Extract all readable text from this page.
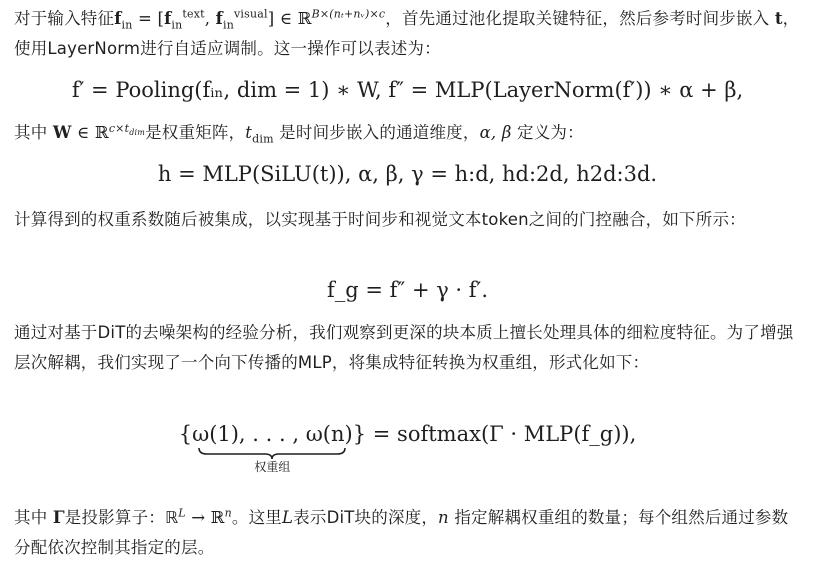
对于输入特征$f_{in} = [f_{in}^{text}$, $f_{in}^{visual}$] ∈ ℝ$^{B\times(n_t+nᵥ)\times c}$，首先通过池化提取关键特征，然后参考时间步嵌入 t，使用LayerNorm进行自适应调制。这一操作可以表述为：
f′ = Pooling(fᵢₙ, dim = 1) ∗ W, f″ = MLP(LayerNorm(f′)) ∗ α + β,
其中 W ∈ ℝ$^{c\times t_{dim}}$是权重矩阵，$t_{dim}$ 是时间步嵌入的通道维度，α, β 定义为：
h = MLP(SiLU(t)), α, β, γ = h:d, hd:2d, h2d:3d.
计算得到的权重系数随后被集成，以实现基于时间步和视觉文本token之间的门控融合，如下所示：
f_g = f″ + γ · f′.
通过对基于DiT的去噪架构的经验分析，我们观察到更深的块本质上擅长处理具体的细粒度特征。为了增强层次解耦，我们实现了一个向下传播的MLP，将集成特征转换为权重组，形式化如下：
{ω(1), . . . , ω(n)}
权重组
= softmax(Γ · MLP(f_g)),
其中 Γ是投影算子：ℝ$^L$ → ℝ$^n$。这里L表示DiT块的深度，n 指定解耦权重组的数量；每个组然后通过参数分配依次控制其指定的层。
